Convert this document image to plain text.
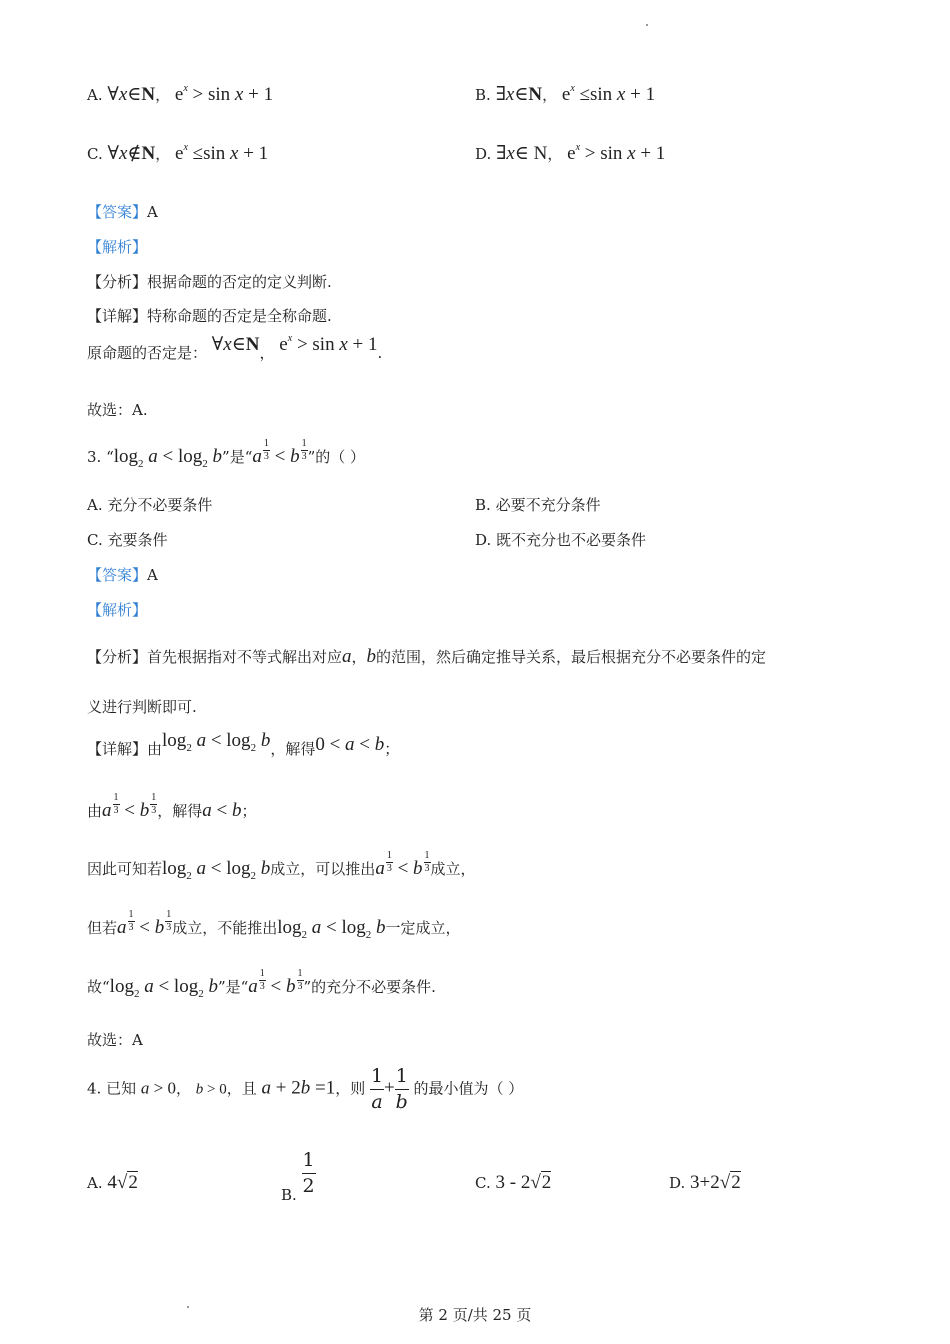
A. ∀x∈N， $e^x > \sin x + 1$	B. ∃x∈N， $e^x \le\sin$ x + 1
C. ∀x∉N， $e^x \le\sin$ x + 1	D. ∃x∈ N， $e^x > \sin x + 1$
【答案】A
【解析】
【分析】根据命题的否定的定义判断.
【详解】特称命题的否定是全称命题.
原命题的否定是： ∀x∈N， $e^x > \sin x + 1$.
故选：A.
3. “$\log_2$ $a < \log_2 b$”是“$a \frac{1}{3} < b \frac{1}{3}$ ”的（ ）
A. 充分不必要条件	B. 必要不充分条件
C. 充要条件	D. 既不充分也不必要条件
【答案】A
【解析】
【分析】首先根据指对不等式解出对应a，b的范围，然后确定推导关系，最后根据充分不必要条件的定
义进行判断即可.
【详解】由$\log_2 a < \log_2 b$，解得0 < a < b；
由a $\frac{1}{3} < b \frac{1}{3}$ ，解得a < b；
因此可知若$\log_2 a < \log_2 b$成立，可以推出a $\frac{1}{3} < b \frac{1}{3}$ 成立，
但若a $\frac{1}{3} < b \frac{1}{3}$ 成立，不能推出$\log_2 a < \log_2 b$一定成立，
故“$\log_2$ $a < \log_2 b$”是“$a \frac{1}{3} < b \frac{1}{3}$ ”的充分不必要条件.
故选：A
4. 已知 a > 0， b > 0，且 a + 2b =1，则 $\frac{1}{a} + \frac{1}{b}$ 的最小值为（ ）
A. 4√2
B. $\frac{1}{2}$	C. 3 - 2√2	D. 3+2√2
第 2 页/共 25 页
